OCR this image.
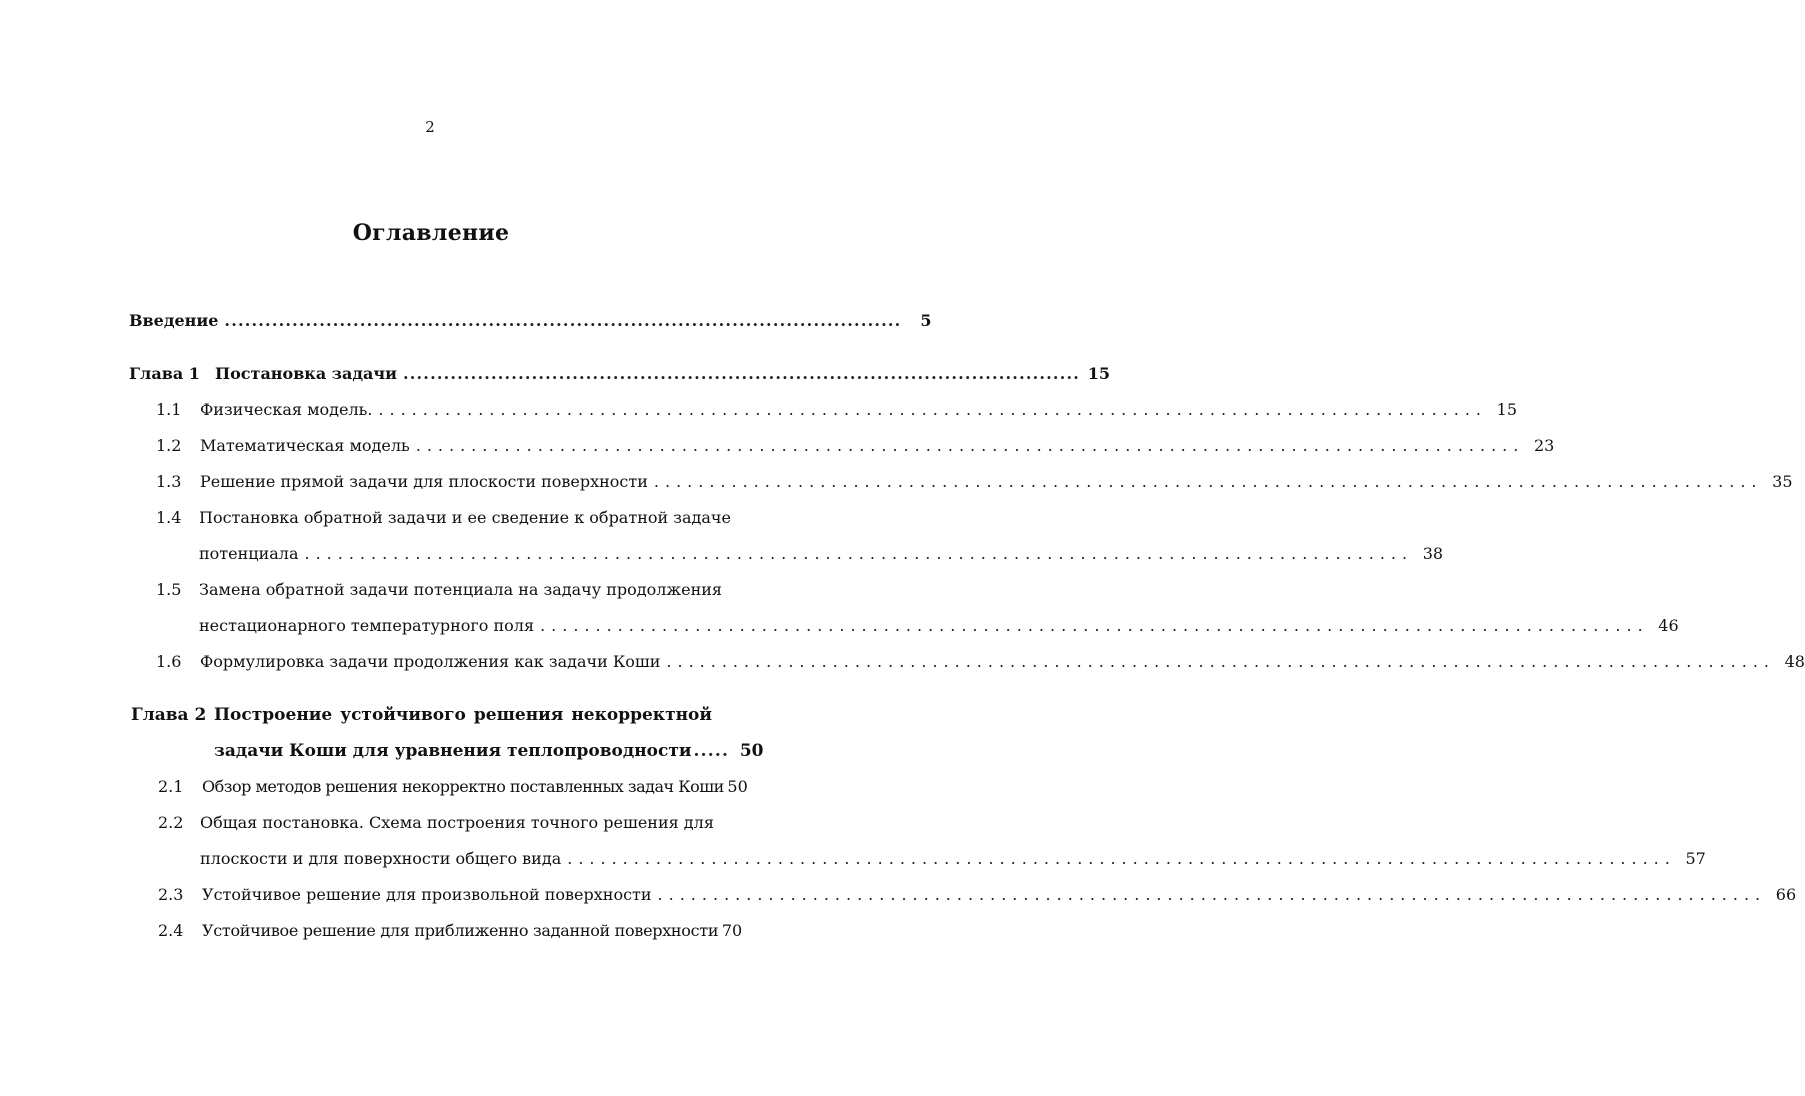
2
Оглавление
Введение ....................................................................................................	5
Глава 1 Постановка задачи .................................................................................................... 15
1.1	Физическая модель. .................................................................................................... 15
1.2	Математическая модель .................................................................................................... 23
1.3	Решение прямой задачи для плоскости поверхности .................................................................................................... 35
1.4 Постановка обратной задачи и ее сведение к обратной задаче
потенциала .................................................................................................... 38
1.5 Замена обратной задачи потенциала на задачу продолжения
нестационарного температурного поля .................................................................................................... 46
1.6	Формулировка задачи продолжения как задачи Коши .................................................................................................... 48
Глава 2 Построение устойчивого решения некорректной
задачи Коши для уравнения теплопроводности ..... 50
2.1	Обзор методов решения некорректно поставленных задач Коши 50
2.2 Общая постановка. Схема построения точного решения для
плоскости и для поверхности общего вида .................................................................................................... 57
2.3	Устойчивое решение для произвольной поверхности .................................................................................................... 66
2.4	Устойчивое решение для приближенно заданной поверхности 70
